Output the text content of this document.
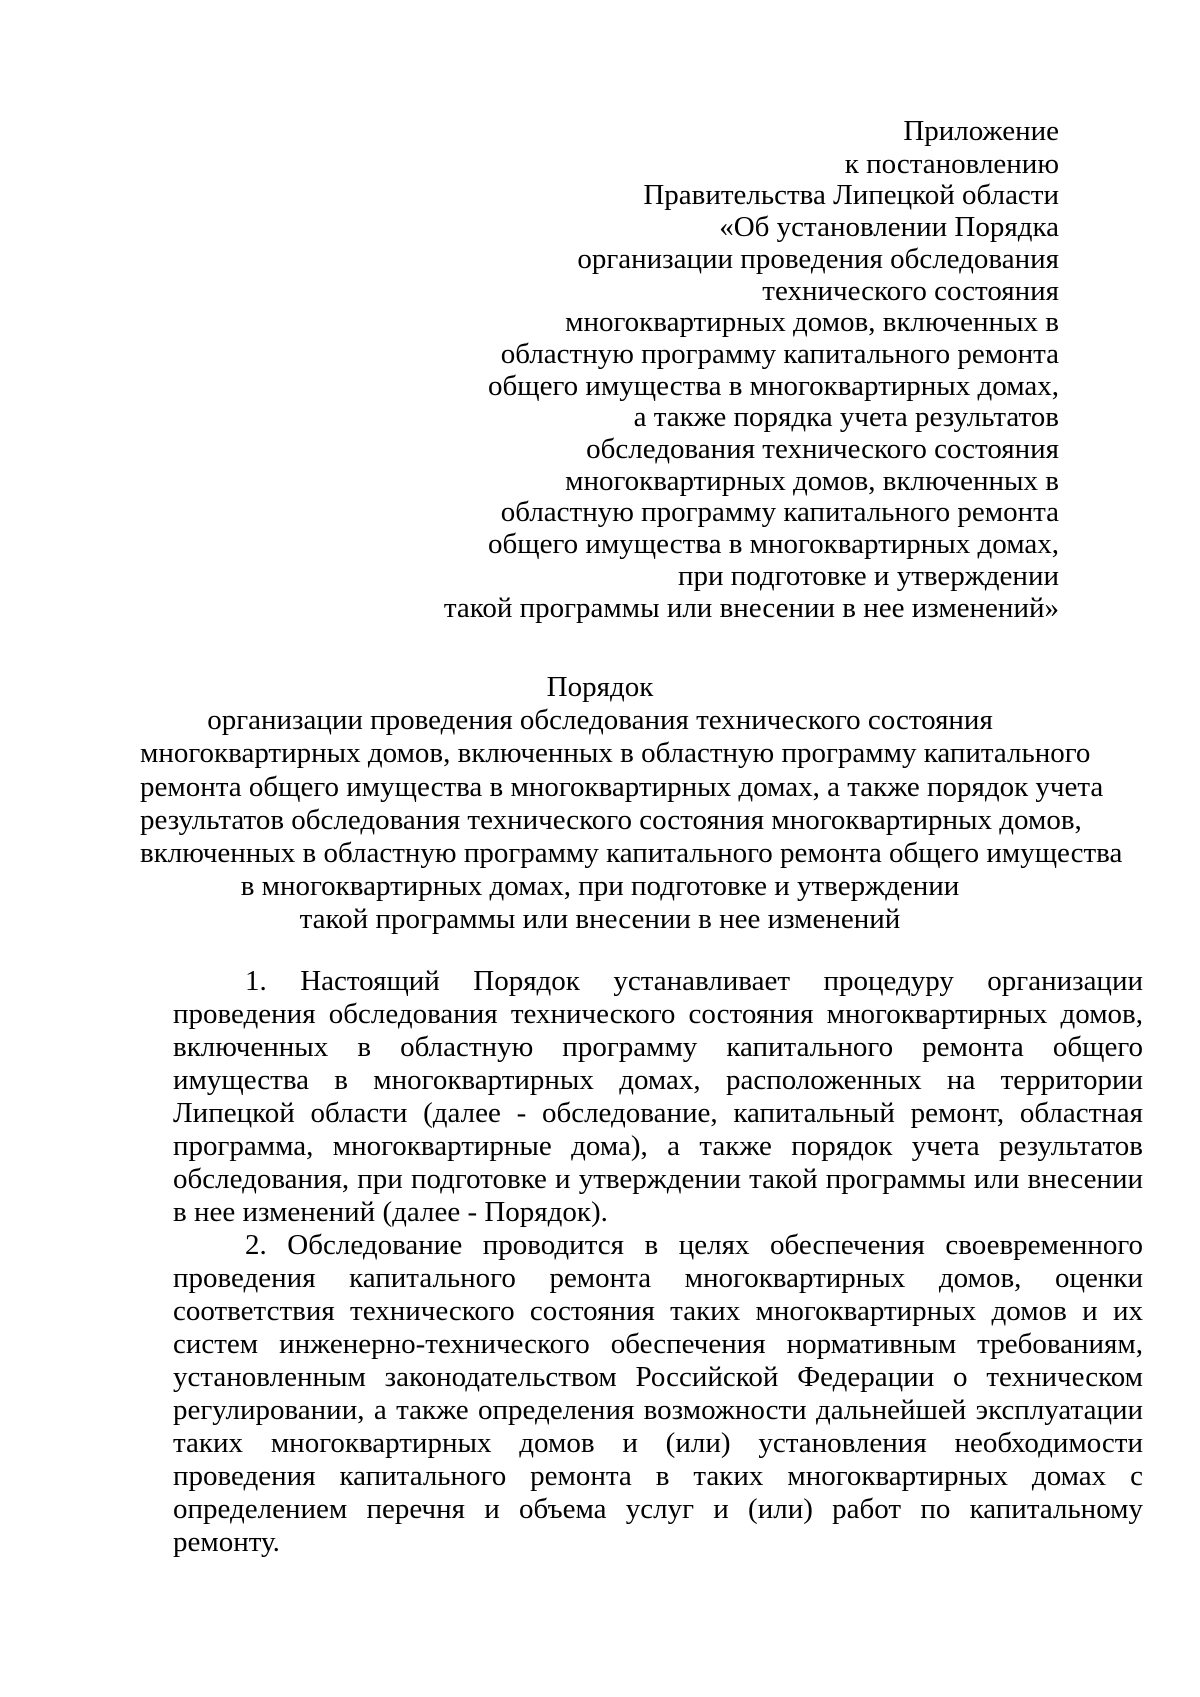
Приложение
к постановлению
Правительства Липецкой области
«Об установлении Порядка
организации проведения обследования
технического состояния
многоквартирных домов, включенных в
областную программу капитального ремонта
общего имущества в многоквартирных домах,
а также порядка учета результатов
обследования технического состояния
многоквартирных домов, включенных в
областную программу капитального ремонта
общего имущества в многоквартирных домах,
при подготовке и утверждении
такой программы или внесении в нее изменений»
Порядок
организации проведения обследования технического состояния
многоквартирных домов, включенных в областную программу капитального
ремонта общего имущества в многоквартирных домах, а также порядок учета
результатов обследования технического состояния многоквартирных домов,
включенных в областную программу капитального ремонта общего имущества
в многоквартирных домах, при подготовке и утверждении
такой программы или внесении в нее изменений

1. Настоящий Порядок устанавливает процедуру организации проведения обследования технического состояния многоквартирных домов, включенных в областную программу капитального ремонта общего имущества в многоквартирных домах, расположенных на территории Липецкой области (далее - обследование, капитальный ремонт, областная программа, многоквартирные дома), а также порядок учета результатов обследования, при подготовке и утверждении такой программы или внесении в нее изменений (далее - Порядок).

2. Обследование проводится в целях обеспечения своевременного проведения капитального ремонта многоквартирных домов, оценки соответствия технического состояния таких многоквартирных домов и их систем инженерно-технического обеспечения нормативным требованиям, установленным законодательством Российской Федерации о техническом регулировании, а также определения возможности дальнейшей эксплуатации таких многоквартирных домов и (или) установления необходимости проведения капитального ремонта в таких многоквартирных домах с определением перечня и объема услуг и (или) работ по капитальному ремонту.
